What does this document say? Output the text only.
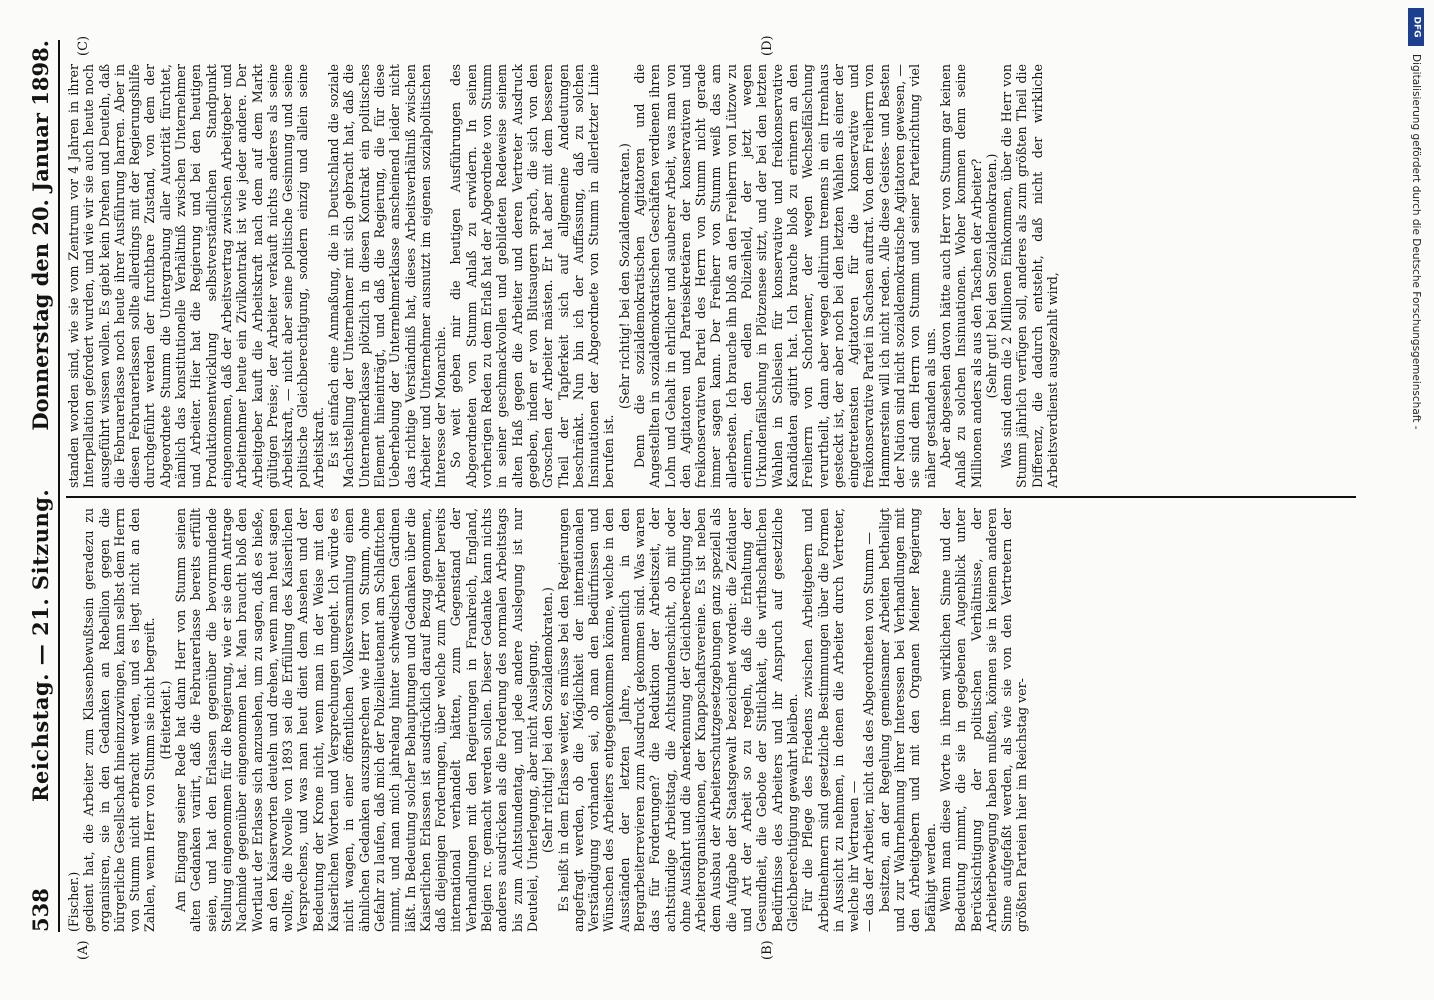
538
Reichstag. — 21. Sitzung.
Donnerstag den 20. Januar 1898.
(A)	(B)
(C)	(D)

(Fischer.) gedient hat, die Arbeiter zum Klassenbewußtsein geradezu zu organisiren, sie in den Gedanken an Rebellion gegen die bürgerliche Gesellschaft hineinzuzwingen, kann selbst dem Herrn von Stumm nicht erbracht werden, und es liegt nicht an den Zahlen, wenn Herr von Stumm sie nicht begreift. (Heiterkeit.) Am Eingang seiner Rede hat dann Herr von Stumm seinen alten Gedanken variirt, daß die Februarerlasse bereits erfüllt seien, und hat den Erlassen gegenüber die bevormundende Stellung eingenommen für die Regierung, wie er sie dem Antrage Nachmide gegenüber eingenommen hat. Man braucht bloß den Wortlaut der Erlasse sich anzusehen, um zu sagen, daß es hieße, an den Kaiserworten deuteln und drehen, wenn man heut sagen wollte, die Novelle von 1893 sei die Erfüllung des Kaiserlichen Versprechens, und was man heut dient dem Ansehen und der Bedeutung der Krone nicht, wenn man in der Weise mit den Kaiserlichen Worten und Versprechungen umgeht. Ich würde es nicht wagen, in einer öffentlichen Volksversammlung einen ähnlichen Gedanken auszusprechen wie Herr von Stumm, ohne Gefahr zu laufen, daß mich der Polizeilieutenant am Schlafittchen nimmt, und man mich jahrelang hinter schwedischen Gardinen läßt. In Bedeutung solcher Behauptungen und Gedanken über die Kaiserlichen Erlassen ist ausdrücklich darauf Bezug genommen, daß diejenigen Forderungen, über welche zum Arbeiter bereits international verhandelt hätten, zum Gegenstand der Verhandlungen mit den Regierungen in Frankreich, England, Belgien rc. gemacht werden sollen. Dieser Gedanke kann nichts anderes ausdrücken als die Forderung des normalen Arbeitstags bis zum Achtstundentag, und jede andere Auslegung ist nur Deutelei, Unterlegung, aber nicht Auslegung. (Sehr richtig! bei den Sozialdemokraten.) Es heißt in dem Erlasse weiter, es müsse bei den Regierungen angefragt werden, ob die Möglichkeit der internationalen Verständigung vorhanden sei, ob man den Bedürfnissen und Wünschen des Arbeiters entgegenkommen könne, welche in den Ausständen der letzten Jahre, namentlich in den Bergarbeiterrevieren zum Ausdruck gekommen sind. Was waren das für Forderungen? die Reduktion der Arbeitszeit, der achtstündige Arbeitstag, die Achtstundenschicht, ob mit oder ohne Ausfahrt und die Anerkennung der Gleichberechtigung der Arbeiterorganisationen, der Knappschaftsvereine. Es ist neben dem Ausbau der Arbeiterschutzgesetzgebungen ganz speziell als die Aufgabe der Staatsgewalt bezeichnet worden: die Zeitdauer und Art der Arbeit so zu regeln, daß die Erhaltung der Gesundheit, die Gebote der Sittlichkeit, die wirthschaftlichen Bedürfnisse des Arbeiters und ihr Anspruch auf gesetzliche Gleichberechtigung gewahrt bleiben. Für die Pflege des Friedens zwischen Arbeitgebern und Arbeitnehmern sind gesetzliche Bestimmungen über die Formen in Aussicht zu nehmen, in denen die Arbeiter durch Vertreter, welche ihr Vertrauen — — das der Arbeiter, nicht das des Abgeordneten von Stumm — besitzen, an der Regelung gemeinsamer Arbeiten betheiligt und zur Wahrnehmung ihrer Interessen bei Verhandlungen mit den Arbeitgebern und mit den Organen Meiner Regierung befähigt werden. Wenn man diese Worte in ihrem wirklichen Sinne und der Bedeutung nimmt, die sie in gegebenen Augenblick unter Berücksichtigung der politischen Verhältnisse, der Arbeiterbewegung haben mußten, können sie in keinem anderen Sinne aufgefaßt werden, als wie sie von den Vertretern der größten Parteien hier im Reichstag ver-

standen worden sind, wie sie vom Zentrum vor 4 Jahren in ihrer Interpellation gefordert wurden, und wie wir sie auch heute noch ausgeführt wissen wollen. Es giebt kein Drehen und Deuteln, daß die Februarerlasse noch heute ihrer Ausführung harren. Aber in diesen Februarerlassen sollte allerdings mit der Regierungshilfe durchgeführt werden der furchtbare Zustand, von dem der Abgeordnete Stumm die Untergrabung aller Autorität fürchtet, nämlich das konstitutionelle Verhältniß zwischen Unternehmer und Arbeiter. Hier hat die Regierung und bei den heutigen Produktionsentwicklung selbstverständlichen Standpunkt eingenommen, daß der Arbeitsvertrag zwischen Arbeitgeber und Arbeitnehmer heute ein Zivilkontrakt ist wie jeder andere. Der Arbeitgeber kauft die Arbeitskraft nach dem auf dem Markt gültigen Preise; der Arbeiter verkauft nichts anderes als seine Arbeitskraft, — nicht aber seine politische Gesinnung und seine politische Gleichberechtigung, sondern einzig und allein seine Arbeitskraft. Es ist einfach eine Anmaßung, die in Deutschland die soziale Machtstellung der Unternehmer mit sich gebracht hat, daß die Unternehmerklasse plötzlich in diesen Kontrakt ein politisches Element hineinträgt, und daß die Regierung, die für diese Ueberhebung der Unternehmerklasse anscheinend leider nicht das richtige Verständniß hat, dieses Arbeitsverhältniß zwischen Arbeiter und Unternehmer ausnutzt im eigenen sozialpolitischen Interesse der Monarchie. So weit geben mir die heutigen Ausführungen des Abgeordneten von Stumm Anlaß zu erwidern. In seinen vorherigen Reden zu dem Erlaß hat der Abgeordnete von Stumm in seiner geschmackvollen und gebildeten Redeweise seinem alten Haß gegen die Arbeiter und deren Vertreter Ausdruck gegeben, indem er von Blutsaugern sprach, die sich von den Groschen der Arbeiter mästen. Er hat aber mit dem besseren Theil der Tapferkeit sich auf allgemeine Andeutungen beschränkt. Nun bin ich der Auffassung, daß zu solchen Insinuationen der Abgeordnete von Stumm in allerletzter Linie berufen ist.

(Sehr richtig! bei den Sozialdemokraten.) Denn die sozialdemokratischen Agitatoren und die Angestellten in sozialdemokratischen Geschäften verdienen ihren Lohn und Gehalt in ehrlicher und sauberer Arbeit, was man von den Agitatoren und Parteisekretären der konservativen und freikonservativen Partei des Herrn von Stumm nicht gerade immer sagen kann. Der Freiherr von Stumm weiß das am allerbesten. Ich brauche ihn bloß an den Freiherrn von Lützow zu erinnern, den edlen Polizeiheld, der jetzt wegen Urkundenfälschung in Plötzensee sitzt, und der bei den letzten Wahlen in Schlesien für konservative und freikonservative Kandidaten agitirt hat. Ich brauche bloß zu erinnern an den Freiherrn von Schorlemer, der wegen Wechselfälschung verurtheilt, dann aber wegen delirium tremens in ein Irrenhaus gesteckt ist, der aber noch bei den letzten Wahlen als einer der eingetretensten Agitatoren für die konservative und freikonservative Partei in Sachsen auftrat. Von dem Freiherrn von Hammerstein will ich nicht reden. Alle diese Geistes- und Besten der Nation sind nicht sozialdemokratische Agitatoren gewesen, — sie sind dem Herrn von Stumm und seiner Parteirichtung viel näher gestanden als uns. Aber abgesehen davon hätte auch Herr von Stumm gar keinen Anlaß zu solchen Insinuationen. Woher kommen denn seine Millionen anders als aus den Taschen der Arbeiter? (Sehr gut! bei den Sozialdemokraten.) Was sind denn die 2 Millionen Einkommen, über die Herr von Stumm jährlich verfügen soll, anderes als zum größten Theil die Differenz, die dadurch entsteht, daß nicht der wirkliche Arbeitsverdienst ausgezahlt wird,

DFG
Digitalisierung gefördert durch die Deutsche Forschungsgemeinschaft -
